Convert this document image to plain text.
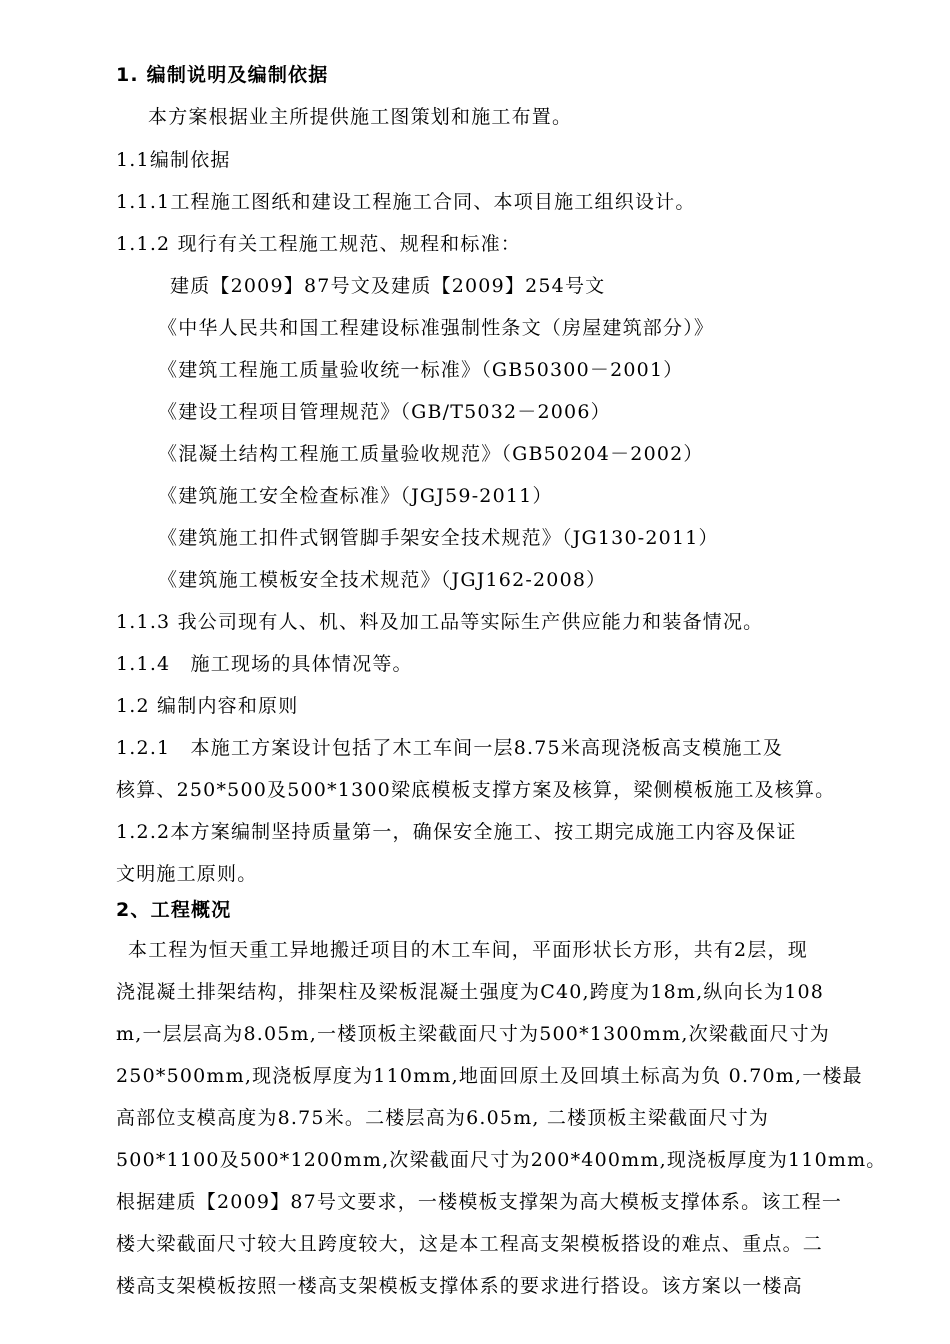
1. 编制说明及编制依据
本方案根据业主所提供施工图策划和施工布置。
1.1编制依据
1.1.1工程施工图纸和建设工程施工合同、本项目施工组织设计。
1.1.2 现行有关工程施工规范、规程和标准：
建质【2009】87号文及建质【2009】254号文
《中华人民共和国工程建设标准强制性条文（房屋建筑部分）》
《建筑工程施工质量验收统一标准》（GB50300－2001）
《建设工程项目管理规范》（GB/T5032－2006）
《混凝土结构工程施工质量验收规范》（GB50204－2002）
《建筑施工安全检查标准》（JGJ59-2011）
《建筑施工扣件式钢管脚手架安全技术规范》（JG130-2011）
《建筑施工模板安全技术规范》（JGJ162-2008）
1.1.3 我公司现有人、机、料及加工品等实际生产供应能力和装备情况。
1.1.4　施工现场的具体情况等。
1.2 编制内容和原则
1.2.1　本施工方案设计包括了木工车间一层8.75米高现浇板高支模施工及
核算、250*500及500*1300梁底模板支撑方案及核算，梁侧模板施工及核算。
1.2.2本方案编制坚持质量第一，确保安全施工、按工期完成施工内容及保证
文明施工原则。
2、工程概况
本工程为恒天重工异地搬迁项目的木工车间，平面形状长方形，共有2层，现
浇混凝土排架结构，排架柱及梁板混凝土强度为C40,跨度为18m,纵向长为108
m,一层层高为8.05m,一楼顶板主梁截面尺寸为500*1300mm,次梁截面尺寸为
250*500mm,现浇板厚度为110mm,地面回原土及回填土标高为负 0.70m,一楼最
高部位支模高度为8.75米。二楼层高为6.05m, 二楼顶板主梁截面尺寸为
500*1100及500*1200mm,次梁截面尺寸为200*400mm,现浇板厚度为110mm。
根据建质【2009】87号文要求，一楼模板支撑架为高大模板支撑体系。该工程一
楼大梁截面尺寸较大且跨度较大，这是本工程高支架模板搭设的难点、重点。二
楼高支架模板按照一楼高支架模板支撑体系的要求进行搭设。该方案以一楼高
